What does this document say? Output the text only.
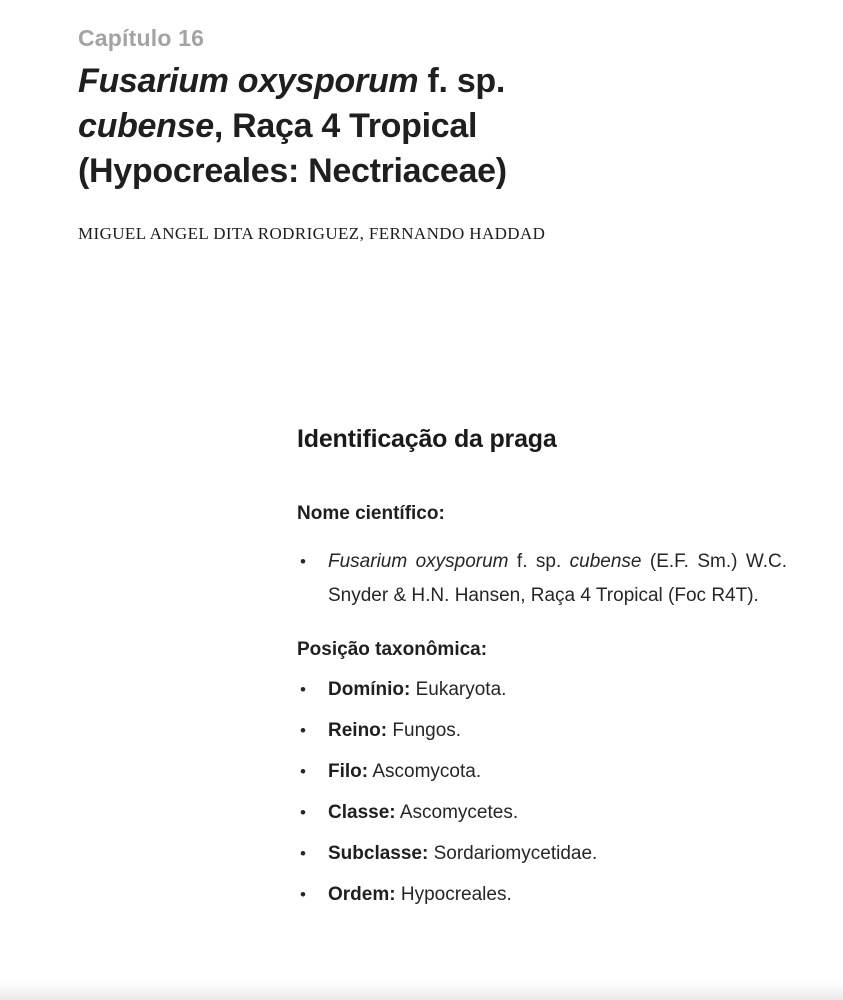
Capítulo 16
Fusarium oxysporum f. sp.
cubense, Raça 4 Tropical
(Hypocreales: Nectriaceae)
MIGUEL ANGEL DITA RODRIGUEZ, FERNANDO HADDAD
Identificação da praga
Nome científico:
•	Fusarium oxysporum f. sp. cubense (E.F. Sm.) W.C. Snyder & H.N. Hansen, Raça 4 Tropical (Foc R4T).
Posição taxonômica:
•	Domínio: Eukaryota.
•	Reino: Fungos.
•	Filo: Ascomycota.
•	Classe: Ascomycetes.
•	Subclasse: Sordariomycetidae.
•	Ordem: Hypocreales.
